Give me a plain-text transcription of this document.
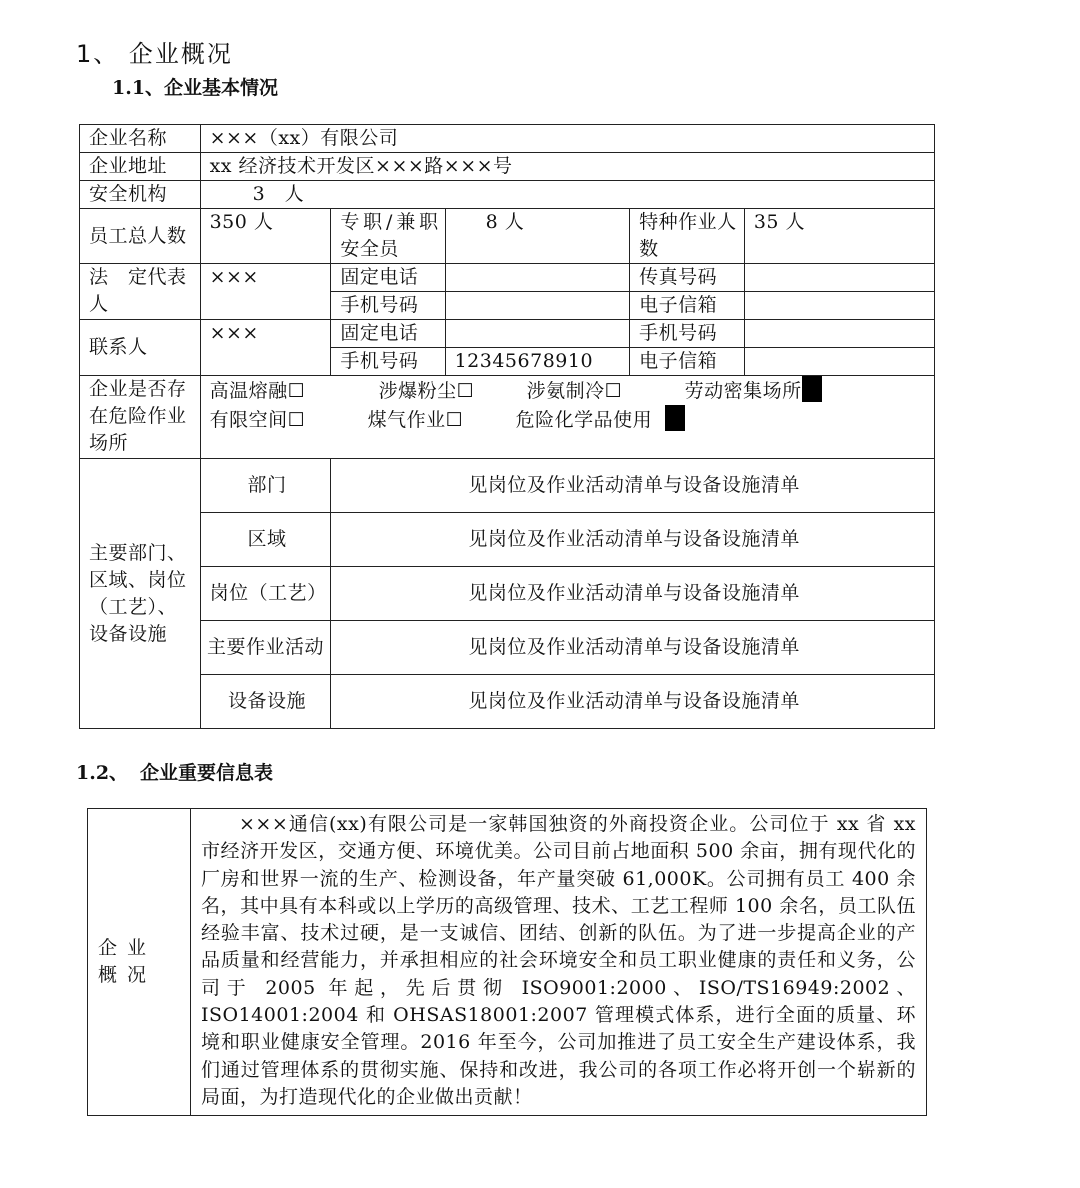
1、 企业概况
1.1、企业基本情况
企业名称	×××（xx）有限公司				
企业地址	xx 经济技术开发区×××路×××号				
安全机构	3　人				
员工总人数	350 人	专职/兼职安全员	8 人	特种作业人数	35 人
法　定代表人	×××	固定电话		传真号码	
		手机号码		电子信箱	
联系人	×××	固定电话		手机号码	
		手机号码	12345678910	电子信箱	
企业是否存在危险作业场所	高温熔融☐ 涉爆粉尘☐ 涉氨制冷☐ 劳动密集场所
有限空间☐ 煤气作业☐ 危险化学品使用				

主要部门、区域、岗位（工艺）、设备设施	部门	见岗位及作业活动清单与设备设施清单			
	区域	见岗位及作业活动清单与设备设施清单			
	岗位（工艺）	见岗位及作业活动清单与设备设施清单			
	主要作业活动	见岗位及作业活动清单与设备设施清单			
	设备设施	见岗位及作业活动清单与设备设施清单			
1.2、 企业重要信息表
企业概况	×××通信(xx)有限公司是一家韩国独资的外商投资企业。公司位于 xx 省 xx 市经济开发区，交通方便、环境优美。公司目前占地面积 500 余亩，拥有现代化的厂房和世界一流的生产、检测设备，年产量突破 61,000K。公司拥有员工 400 余名，其中具有本科或以上学历的高级管理、技术、工艺工程师 100 余名，员工队伍经验丰富、技术过硬，是一支诚信、团结、创新的队伍。为了进一步提高企业的产品质量和经营能力，并承担相应的社会环境安全和员工职业健康的责任和义务，公司于 2005 年起，先后贯彻 ISO9001:2000、ISO/TS16949:2002、ISO14001:2004 和 OHSAS18001:2007 管理模式体系，进行全面的质量、环境和职业健康安全管理。2016 年至今，公司加推进了员工安全生产建设体系，我们通过管理体系的贯彻实施、保持和改进，我公司的各项工作必将开创一个崭新的局面，为打造现代化的企业做出贡献！
